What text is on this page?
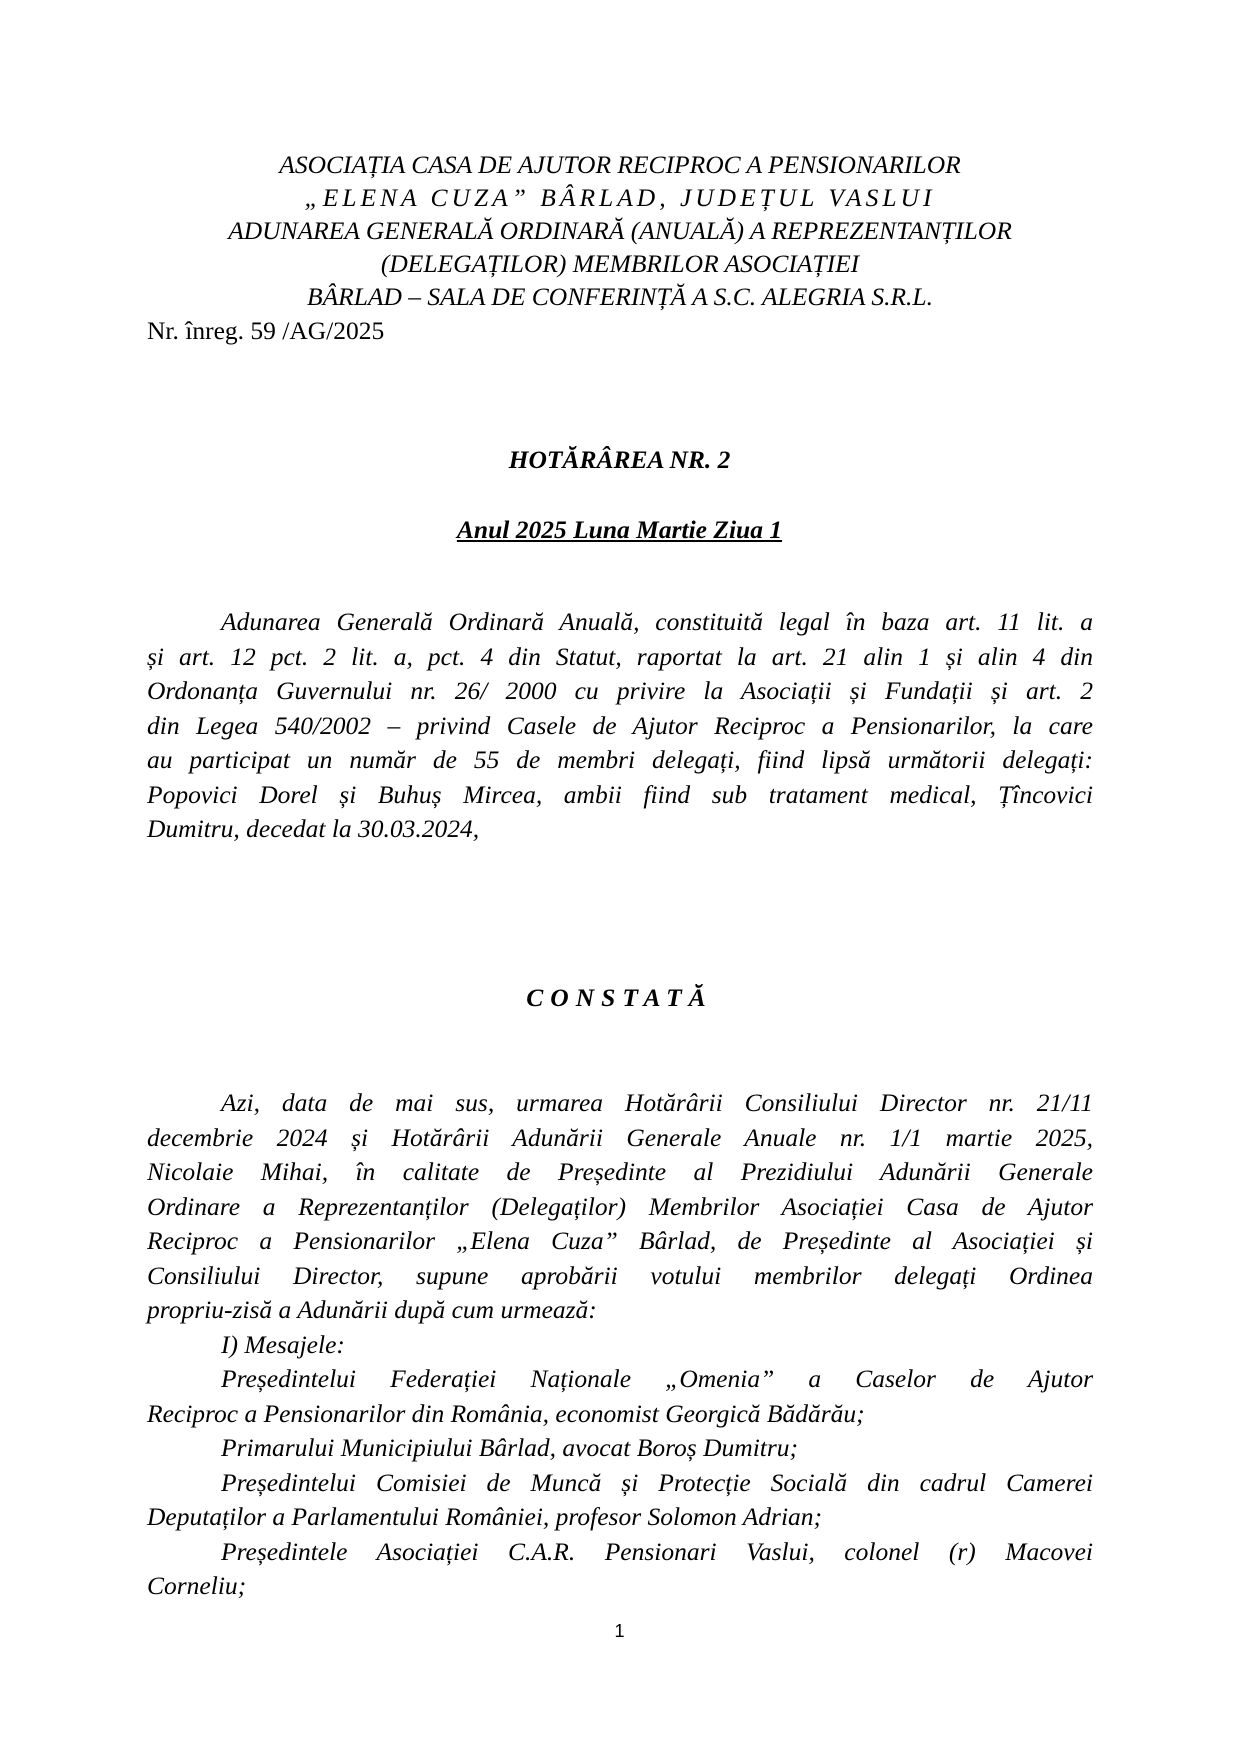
ASOCIAȚIA CASA DE AJUTOR RECIPROC A PENSIONARILOR
„ELENA CUZA” BÂRLAD, JUDEȚUL VASLUI
ADUNAREA GENERALĂ ORDINARĂ (ANUALĂ) A REPREZENTANȚILOR
(DELEGAȚILOR) MEMBRILOR ASOCIAȚIEI
BÂRLAD – SALA DE CONFERINȚĂ A S.C. ALEGRIA S.R.L.
Nr. înreg. 59 /AG/2025
HOTĂRÂREA NR. 2
Anul 2025 Luna Martie Ziua 1
Adunarea Generală Ordinară Anuală, constituită legal în baza art. 11 lit. a
și art. 12 pct. 2 lit. a, pct. 4 din Statut, raportat la art. 21 alin 1 și alin 4 din
Ordonanța Guvernului nr. 26/ 2000 cu privire la Asociații și Fundații și art. 2
din Legea 540/2002 – privind Casele de Ajutor Reciproc a Pensionarilor, la care
au participat un număr de 55 de membri delegați, fiind lipsă următorii delegați:
Popovici Dorel și Buhuș Mircea, ambii fiind sub tratament medical, Țîncovici
Dumitru, decedat la 30.03.2024,
CONSTATĂ
Azi, data de mai sus, urmarea Hotărârii Consiliului Director nr. 21/11
decembrie 2024 și Hotărârii Adunării Generale Anuale nr. 1/1 martie 2025,
Nicolaie Mihai, în calitate de Președinte al Prezidiului Adunării Generale
Ordinare a Reprezentanților (Delegaților) Membrilor Asociației Casa de Ajutor
Reciproc a Pensionarilor „Elena Cuza” Bârlad, de Președinte al Asociației și
Consiliului Director, supune aprobării votului membrilor delegați Ordinea
propriu-zisă a Adunării după cum urmează:
I) Mesajele:
Președintelui Federației Naționale „Omenia” a Caselor de Ajutor
Reciproc a Pensionarilor din România, economist Georgică Bădărău;
Primarului Municipiului Bârlad, avocat Boroș Dumitru;
Președintelui Comisiei de Muncă și Protecție Socială din cadrul Camerei
Deputaților a Parlamentului României, profesor Solomon Adrian;
Președintele Asociației C.A.R. Pensionari Vaslui, colonel (r) Macovei
Corneliu;
1
